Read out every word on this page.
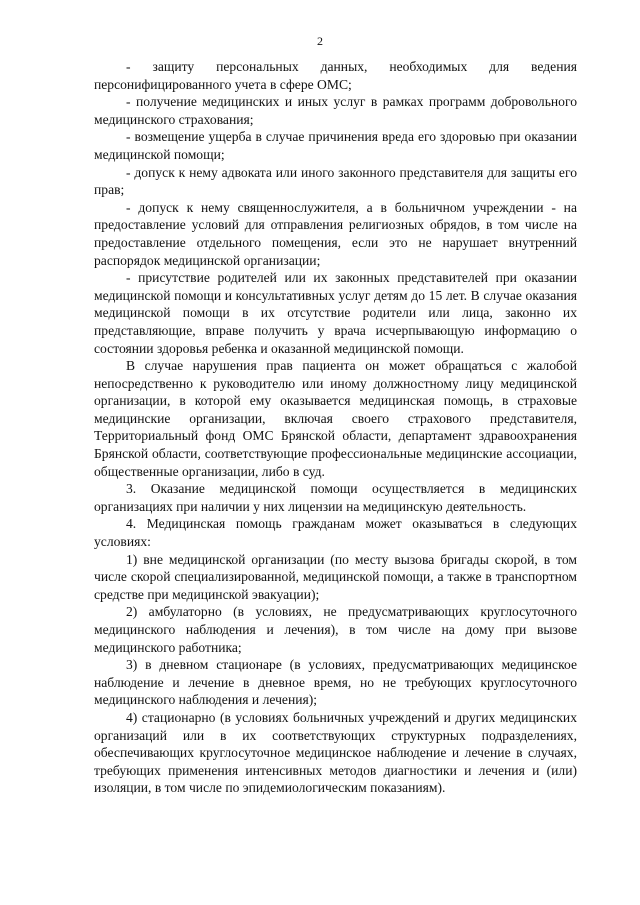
2

- защиту персональных данных, необходимых для ведения персонифицированного учета в сфере ОМС;

- получение медицинских и иных услуг в рамках программ добровольного медицинского страхования;

- возмещение ущерба в случае причинения вреда его здоровью при оказании медицинской помощи;

- допуск к нему адвоката или иного законного представителя для защиты его прав;

- допуск к нему священнослужителя, а в больничном учреждении - на предоставление условий для отправления религиозных обрядов, в том числе на предоставление отдельного помещения, если это не нарушает внутренний распорядок медицинской организации;

- присутствие родителей или их законных представителей при оказании медицинской помощи и консультативных услуг детям до 15 лет. В случае оказания медицинской помощи в их отсутствие родители или лица, законно их представляющие, вправе получить у врача исчерпывающую информацию о состоянии здоровья ребенка и оказанной медицинской помощи.

В случае нарушения прав пациента он может обращаться с жалобой непосредственно к руководителю или иному должностному лицу медицинской организации, в которой ему оказывается медицинская помощь, в страховые медицинские организации, включая своего страхового представителя, Территориальный фонд ОМС Брянской области, департамент здравоохранения Брянской области, соответствующие профессиональные медицинские ассоциации, общественные организации, либо в суд.

3. Оказание медицинской помощи осуществляется в медицинских организациях при наличии у них лицензии на медицинскую деятельность.

4. Медицинская помощь гражданам может оказываться в следующих условиях:

1) вне медицинской организации (по месту вызова бригады скорой, в том числе скорой специализированной, медицинской помощи, а также в транспортном средстве при медицинской эвакуации);

2) амбулаторно (в условиях, не предусматривающих круглосуточного медицинского наблюдения и лечения), в том числе на дому при вызове медицинского работника;

3) в дневном стационаре (в условиях, предусматривающих медицинское наблюдение и лечение в дневное время, но не требующих круглосуточного медицинского наблюдения и лечения);

4) стационарно (в условиях больничных учреждений и других медицинских организаций или в их соответствующих структурных подразделениях, обеспечивающих круглосуточное медицинское наблюдение и лечение в случаях, требующих применения интенсивных методов диагностики и лечения и (или) изоляции, в том числе по эпидемиологическим показаниям).
